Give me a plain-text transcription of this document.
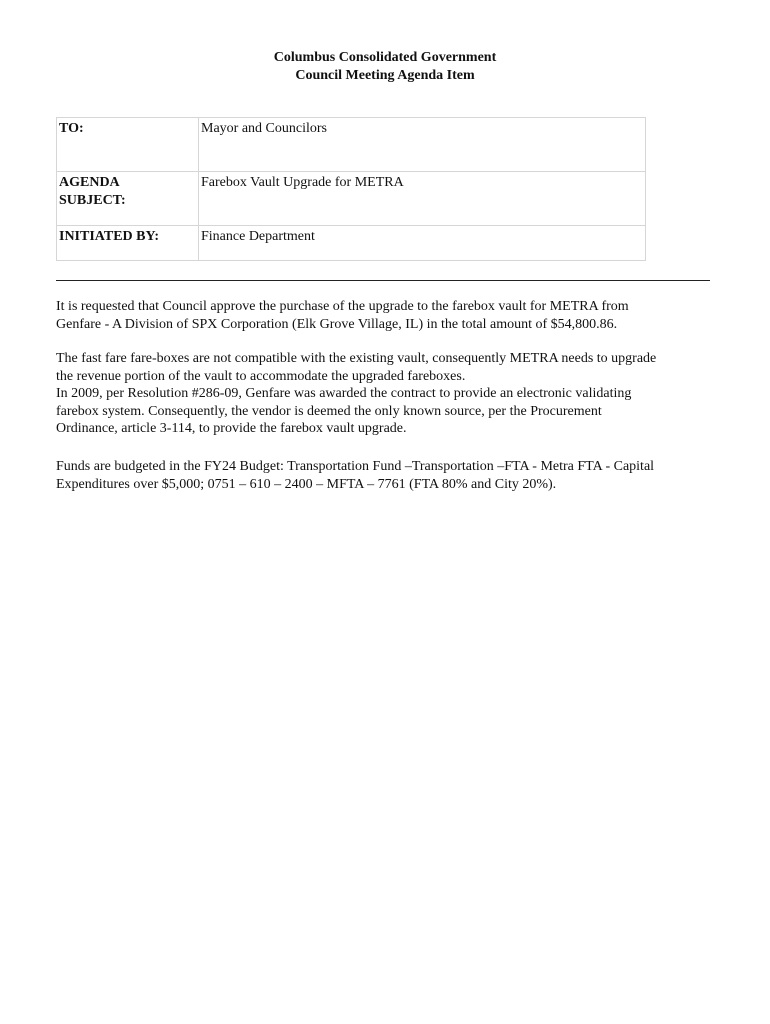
Columbus Consolidated Government
Council Meeting Agenda Item
TO:	Mayor and Councilors

AGENDA
SUBJECT:	Farebox Vault Upgrade for METRA
INITIATED BY:	Finance Department
It is requested that Council approve the purchase of the upgrade to the farebox vault for METRA from
Genfare - A Division of SPX Corporation (Elk Grove Village, IL) in the total amount of $54,800.86.
The fast fare fare-boxes are not compatible with the existing vault, consequently METRA needs to upgrade
the revenue portion of the vault to accommodate the upgraded fareboxes.
In 2009, per Resolution #286-09, Genfare was awarded the contract to provide an electronic validating
farebox system. Consequently, the vendor is deemed the only known source, per the Procurement
Ordinance, article 3-114, to provide the farebox vault upgrade.
Funds are budgeted in the FY24 Budget: Transportation Fund –Transportation –FTA - Metra FTA - Capital
Expenditures over $5,000; 0751 – 610 – 2400 – MFTA – 7761 (FTA 80% and City 20%).
